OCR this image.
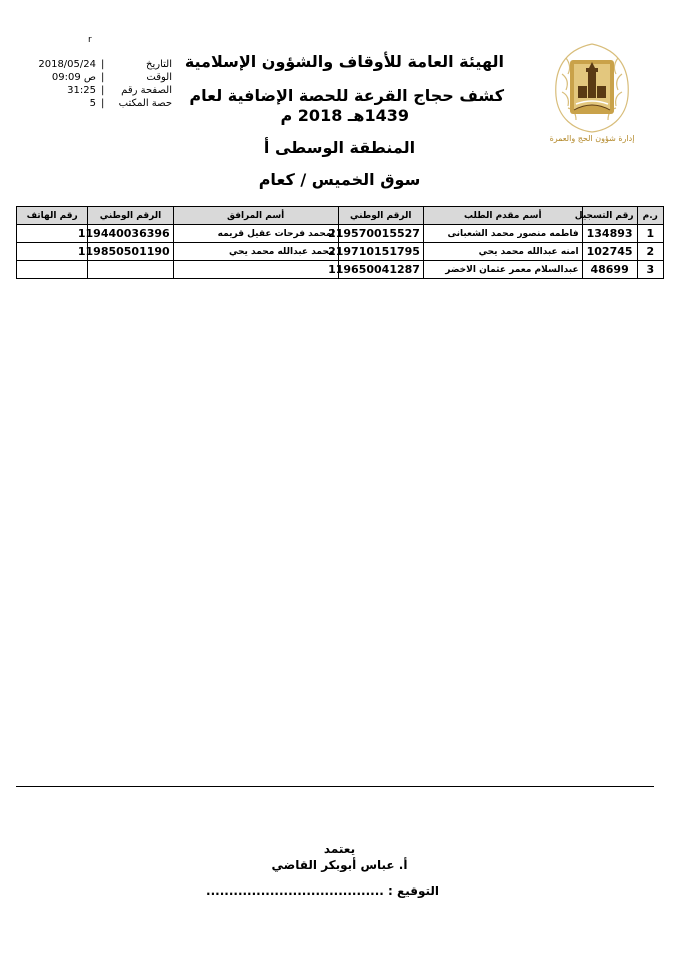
r
2018/05/24 |	التاريخ
09:09 ص |	الوقت
31:25 |	الصفحة رقم
5 |	حصة المكتب
الهيئة العامة للأوقاف والشؤون الإسلامية
كشف حجاج القرعة للحصة الإضافية لعام
1439هـ 2018 م
المنطقة الوسطى أ
سوق الخميس / كعام
إدارة شؤون الحج والعمرة
ر.م	رقم التسجيل	أسم مقدم الطلب	الرقم الوطني	أسم المرافق	الرقم الوطني	رقم الهاتف
1	134893	فاطمه منصور محمد الشعبانى	219570015527	امحمد فرحات عقيل قريمه	119440036396	
2	102745	امنه عبدالله محمد يحي	219710151795	محمد عبدالله محمد يحي	119850501190	
3	48699	عبدالسلام معمر عثمان الاخضر	119650041287			
يعتمد
أ. عباس أبوبكر القاضي
التوقيع : .......................................
